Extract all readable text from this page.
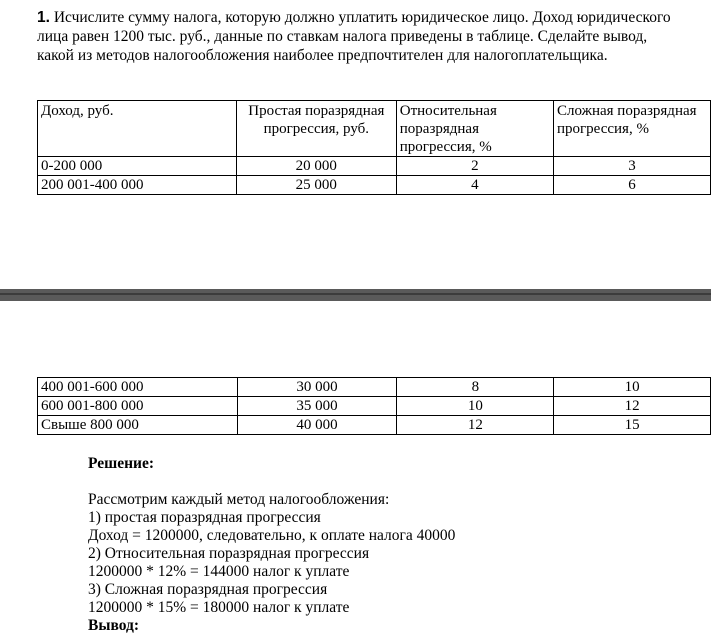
1. Исчислите сумму налога, которую должно уплатить юридическое лицо. Доход юридического лица равен 1200 тыс. руб., данные по ставкам налога приведены в таблице. Сделайте вывод, какой из методов налогообложения наиболее предпочтителен для налогоплательщика.
Доход, руб.	Простая поразрядная прогрессия, руб.	Относительная поразрядная прогрессия, %	Сложная поразрядная прогрессия, %
0-200 000	20 000	2	3
200 001-400 000	25 000	4	6
400 001-600 000	30 000	8	10
600 001-800 000	35 000	10	12
Свыше 800 000	40 000	12	15
Решение:
Рассмотрим каждый метод налогообложения:
1) простая поразрядная прогрессия
Доход = 1200000, следовательно, к оплате налога 40000
2) Относительная поразрядная прогрессия
1200000 * 12% = 144000 налог к уплате
3) Сложная поразрядная прогрессия
1200000 * 15% = 180000 налог к уплате
Вывод:
